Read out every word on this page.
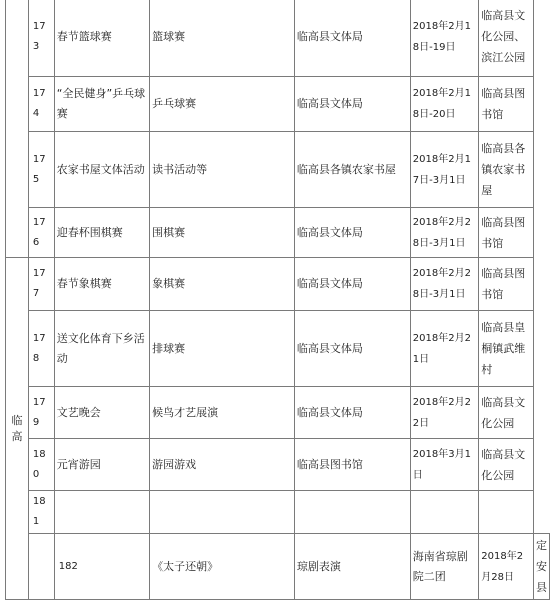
	173	春节篮球赛	篮球赛	临高县文体局	2018年2月18日-19日	临高县文化公园、滨江公园	
	174	“全民健身”乒乓球赛	乒乓球赛	临高县文体局	2018年2月18日-20日	临高县图书馆	
	175	农家书屋文体活动	读书活动等	临高县各镇农家书屋	2018年2月17日-3月1日	临高县各镇农家书屋	
	176	迎春杯围棋赛	围棋赛	临高县文体局	2018年2月28日-3月1日	临高县图书馆	
临高	177	春节象棋赛	象棋赛	临高县文体局	2018年2月28日-3月1日	临高县图书馆	
	178	送文化体育下乡活动	排球赛	临高县文体局	2018年2月21日	临高县皇桐镇武维村	
	179	文艺晚会	候鸟才艺展演	临高县文体局	2018年2月22日	临高县文化公园	
	180	元宵游园	游园游戏	临高县图书馆	2018年3月1日	临高县文化公园	
	181						
		182	《太子还朝》	琼剧表演	海南省琼剧院二团	2018年2月28日	定安县
